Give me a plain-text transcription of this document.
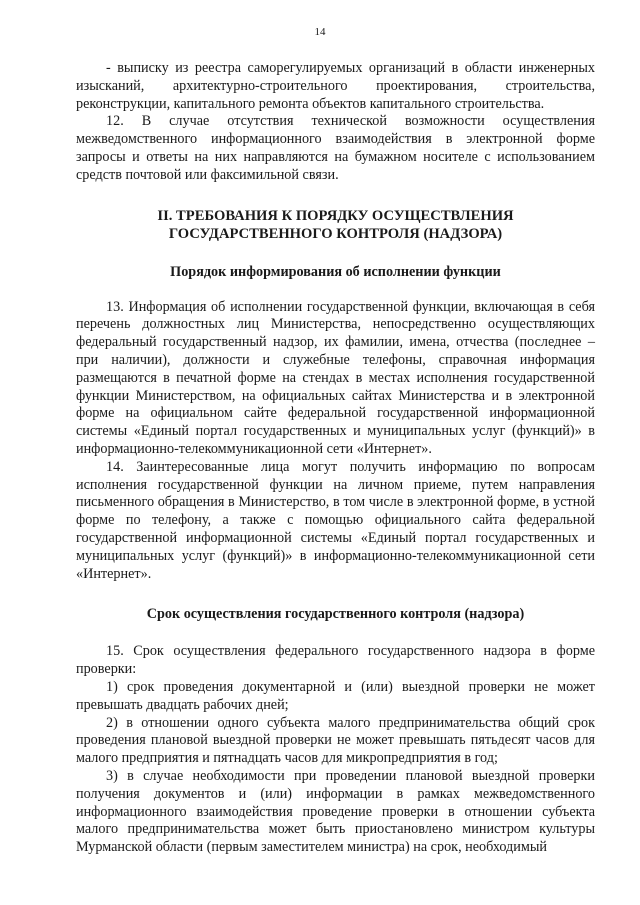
14

- выписку из реестра саморегулируемых организаций в области инженерных изысканий, архитектурно-строительного проектирования, строительства, реконструкции, капитального ремонта объектов капитального строительства.

12. В случае отсутствия технической возможности осуществления межведомственного информационного взаимодействия в электронной форме запросы и ответы на них направляются на бумажном носителе с использованием средств почтовой или факсимильной связи.

II. ТРЕБОВАНИЯ К ПОРЯДКУ ОСУЩЕСТВЛЕНИЯ
ГОСУДАРСТВЕННОГО КОНТРОЛЯ (НАДЗОРА)
Порядок информирования об исполнении функции

13. Информация об исполнении государственной функции, включающая в себя перечень должностных лиц Министерства, непосредственно осуществляющих федеральный государственный надзор, их фамилии, имена, отчества (последнее – при наличии), должности и служебные телефоны, справочная информация размещаются в печатной форме на стендах в местах исполнения государственной функции Министерством, на официальных сайтах Министерства и в электронной форме на официальном сайте федеральной государственной информационной системы «Единый портал государственных и муниципальных услуг (функций)» в информационно-телекоммуникационной сети «Интернет».

14. Заинтересованные лица могут получить информацию по вопросам исполнения государственной функции на личном приеме, путем направления письменного обращения в Министерство, в том числе в электронной форме, в устной форме по телефону, а также с помощью официального сайта федеральной государственной информационной системы «Единый портал государственных и муниципальных услуг (функций)» в информационно-телекоммуникационной сети «Интернет».

Срок осуществления государственного контроля (надзора)

15. Срок осуществления федерального государственного надзора в форме проверки:

1) срок проведения документарной и (или) выездной проверки не может превышать двадцать рабочих дней;

2) в отношении одного субъекта малого предпринимательства общий срок проведения плановой выездной проверки не может превышать пятьдесят часов для малого предприятия и пятнадцать часов для микропредприятия в год;

3) в случае необходимости при проведении плановой выездной проверки получения документов и (или) информации в рамках межведомственного информационного взаимодействия проведение проверки в отношении субъекта малого предпринимательства может быть приостановлено министром культуры Мурманской области (первым заместителем министра) на срок, необходимый
